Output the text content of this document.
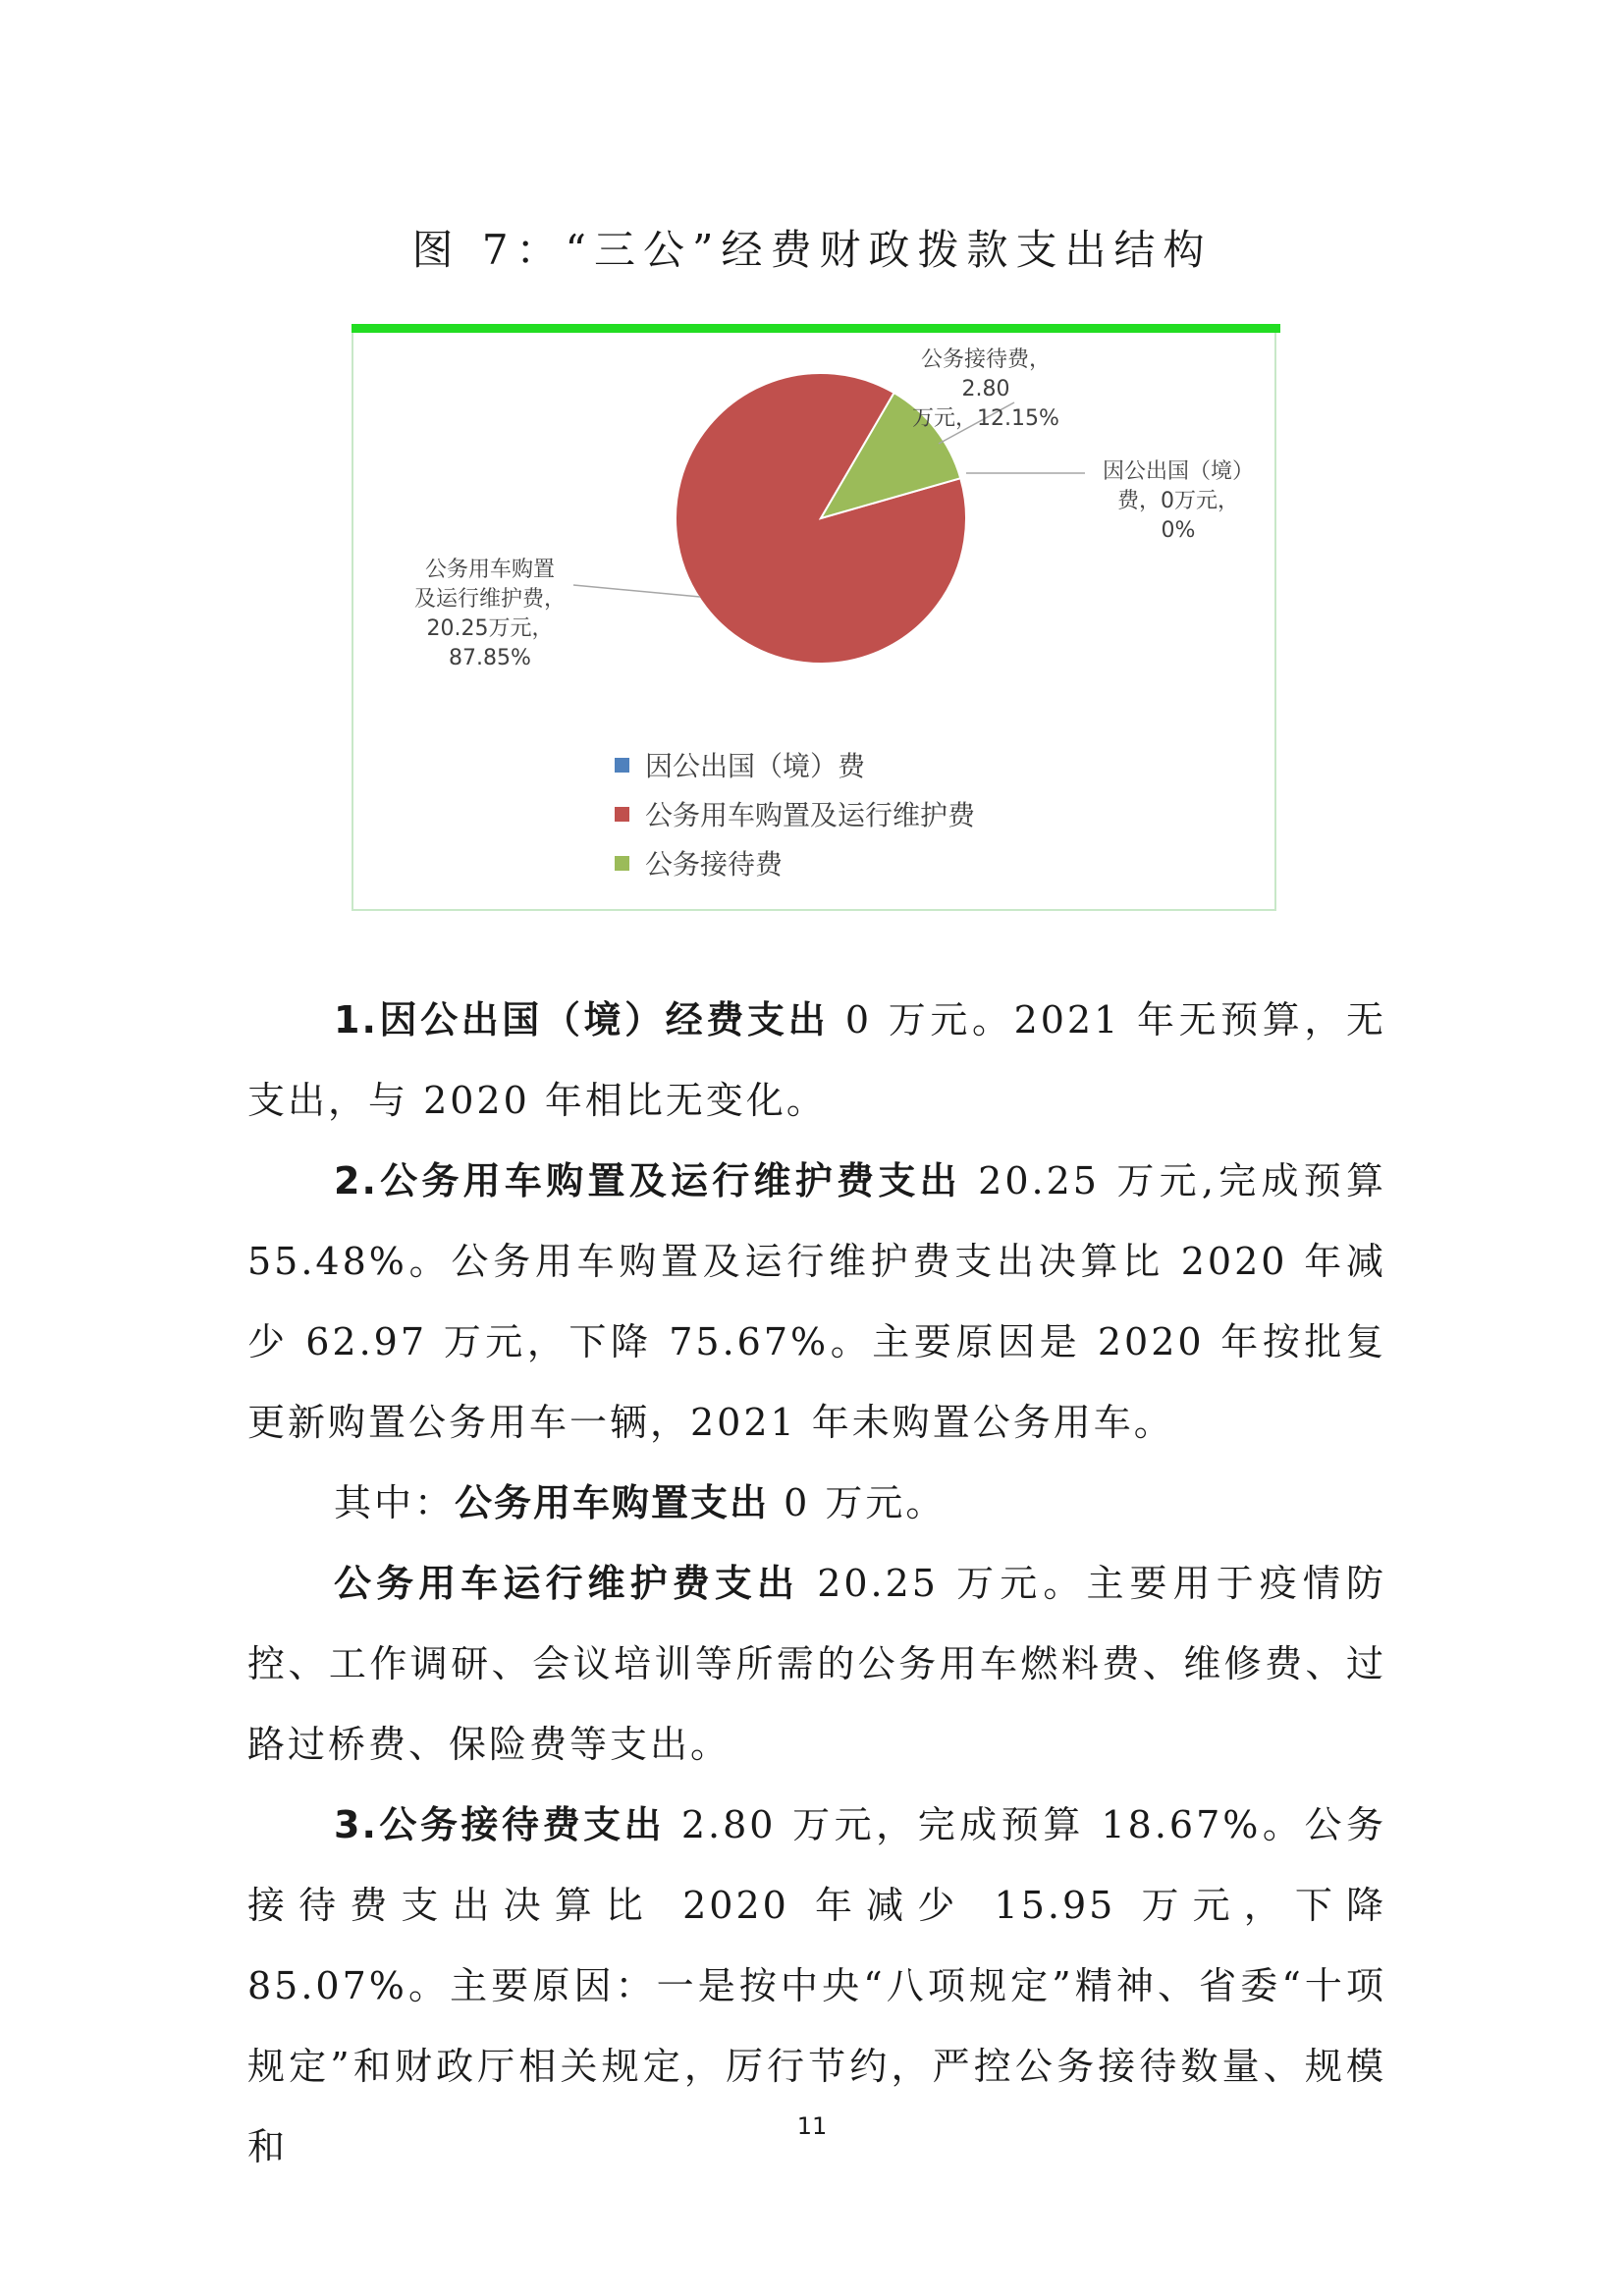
图 7：“三公”经费财政拨款支出结构
公务接待费，2.80
万元，12.15%
因公出国（境）
费，0万元，
0%
公务用车购置
及运行维护费，
20.25万元，
87.85%
因公出国（境）费
公务用车购置及运行维护费
公务接待费

1.因公出国（境）经费支出 0 万元。2021 年无预算，无支出，与 2020 年相比无变化。

2.公务用车购置及运行维护费支出 20.25 万元,完成预算 55.48%。公务用车购置及运行维护费支出决算比 2020 年减少 62.97 万元，下降 75.67%。主要原因是 2020 年按批复更新购置公务用车一辆，2021 年未购置公务用车。

其中：公务用车购置支出 0 万元。

公务用车运行维护费支出 20.25 万元。主要用于疫情防控、工作调研、会议培训等所需的公务用车燃料费、维修费、过路过桥费、保险费等支出。

3.公务接待费支出 2.80 万元，完成预算 18.67%。公务接待费支出决算比 2020 年减少 15.95 万元，下降 85.07%。主要原因：一是按中央“八项规定”精神、省委“十项规定”和财政厅相关规定，厉行节约，严控公务接待数量、规模和	11
